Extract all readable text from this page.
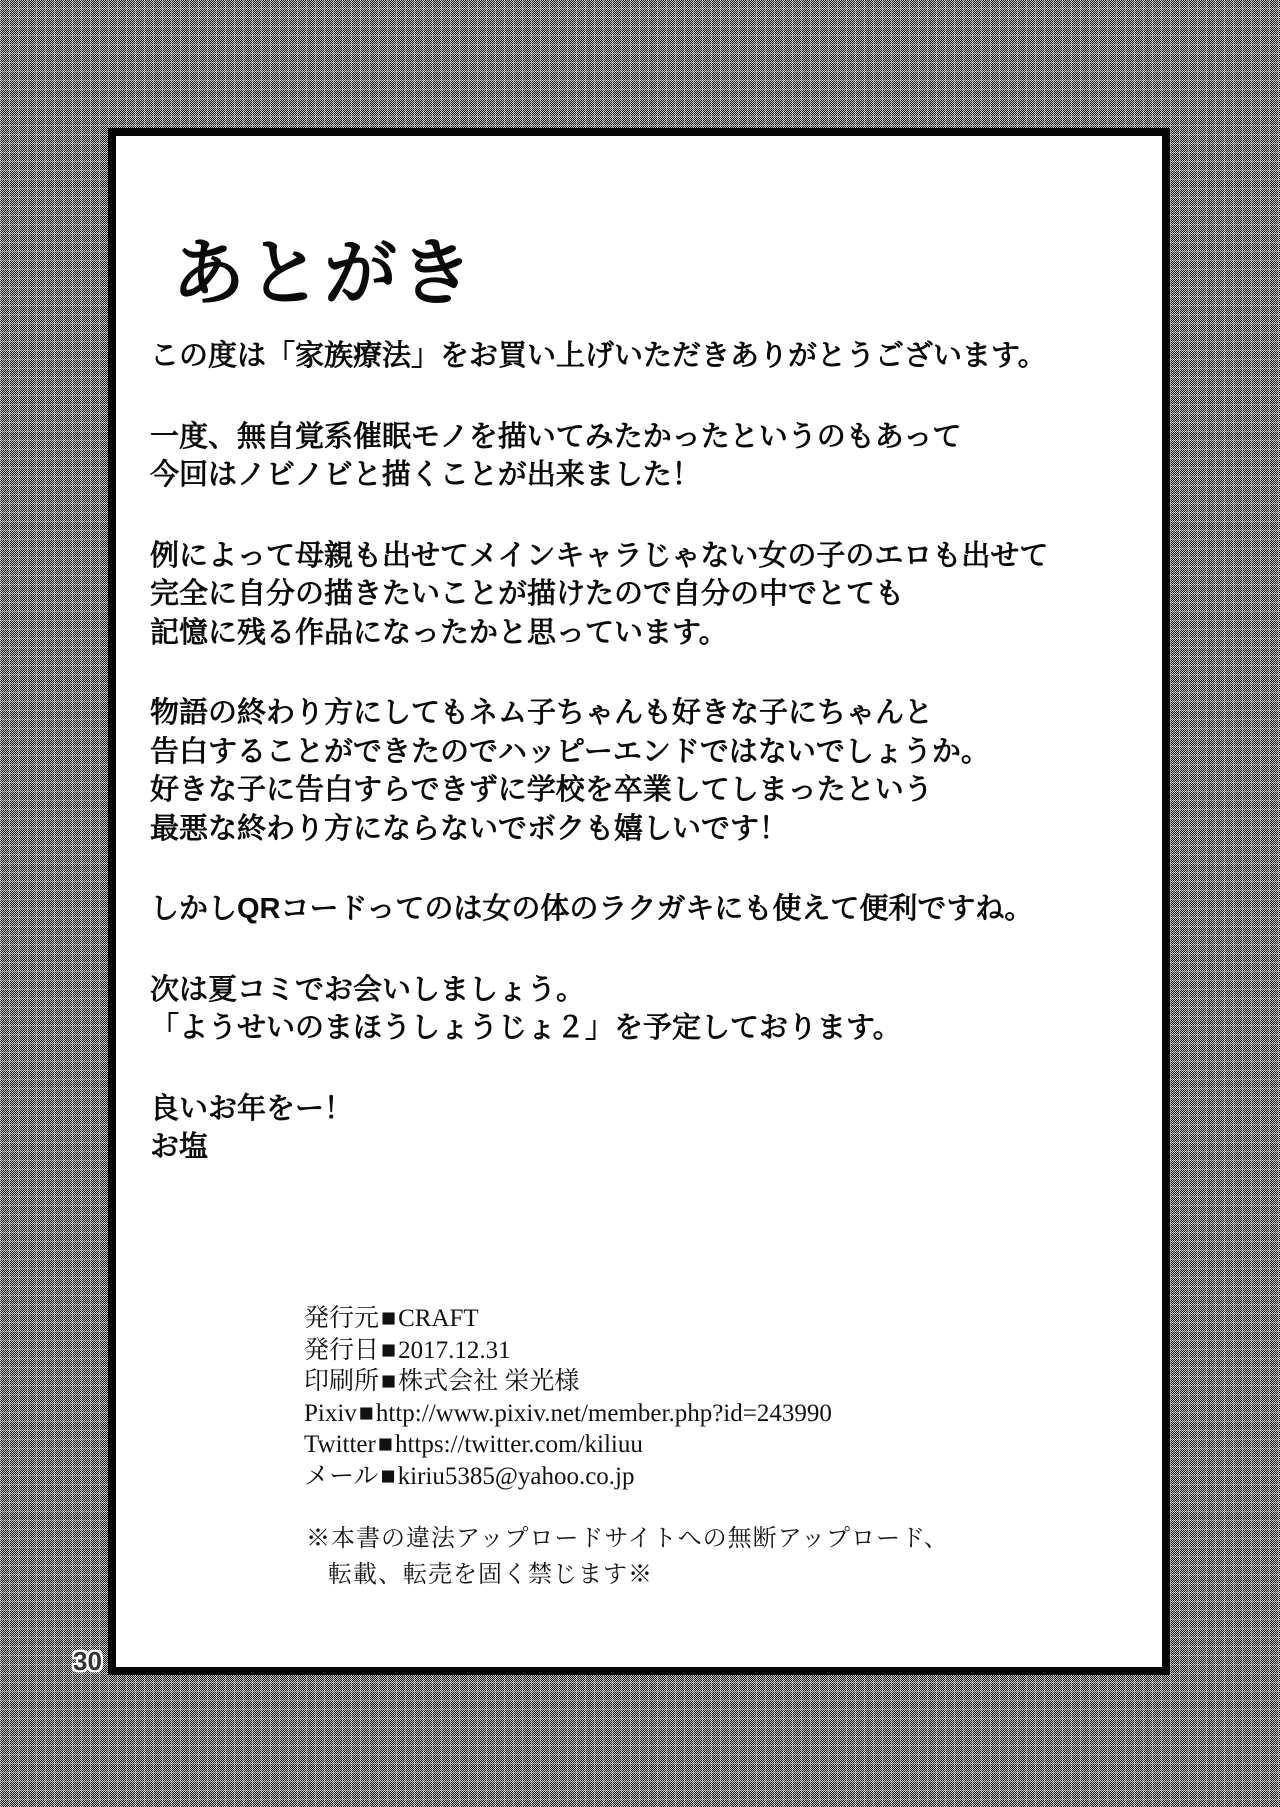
あとがき
この度は「家族療法」をお買い上げいただきありがとうございます。
一度、無自覚系催眠モノを描いてみたかったというのもあって
今回はノビノビと描くことが出来ました！
例によって母親も出せてメインキャラじゃない女の子のエロも出せて
完全に自分の描きたいことが描けたので自分の中でとても
記憶に残る作品になったかと思っています。
物語の終わり方にしてもネム子ちゃんも好きな子にちゃんと
告白することができたのでハッピーエンドではないでしょうか。
好きな子に告白すらできずに学校を卒業してしまったという
最悪な終わり方にならないでボクも嬉しいです！
しかしQRコードってのは女の体のラクガキにも使えて便利ですね。
次は夏コミでお会いしましょう。
「ようせいのまほうしょうじょ２」を予定しております。
良いお年をー！
お塩
発行元■CRAFT
発行日■2017.12.31
印刷所■株式会社 栄光様
Pixiv■http://www.pixiv.net/member.php?id=243990
Twitter■https://twitter.com/kiliuu
メール■kiriu5385@yahoo.co.jp
※本書の違法アップロードサイトへの無断アップロード、
転載、転売を固く禁じます※
30
